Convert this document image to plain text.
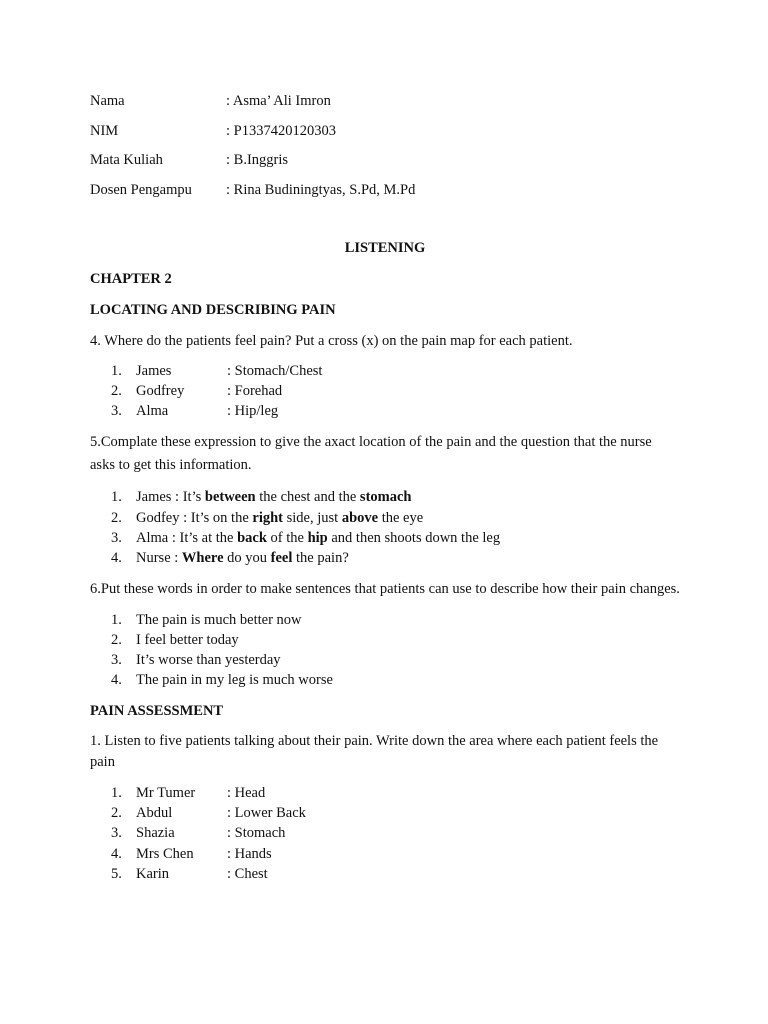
Nama	: Asma’ Ali Imron
NIM	: P1337420120303
Mata Kuliah	: B.Inggris
Dosen Pengampu	: Rina Budiningtyas, S.Pd, M.Pd
LISTENING
CHAPTER 2
LOCATING AND DESCRIBING PAIN

4. Where do the patients feel pain? Put a cross (x) on the pain map for each patient.

1. James	: Stomach/Chest
2. Godfrey	: Forehad
3. Alma	: Hip/leg

5.Complate these expression to give the axact location of the pain and the question that the nurse asks to get this information.

1. James : It’s between the chest and the stomach
2. Godfey : It’s on the right side, just above the eye
3. Alma : It’s at the back of the hip and then shoots down the leg
4. Nurse : Where do you feel the pain?

6.Put these words in order to make sentences that patients can use to describe how their pain changes.

1. The pain is much better now
2. I feel better today
3. It’s worse than yesterday
4. The pain in my leg is much worse
PAIN ASSESSMENT

1. Listen to five patients talking about their pain. Write down the area where each patient feels the pain

1. Mr Tumer	: Head
2. Abdul	: Lower Back
3. Shazia	: Stomach
4. Mrs Chen	: Hands
5. Karin	: Chest
